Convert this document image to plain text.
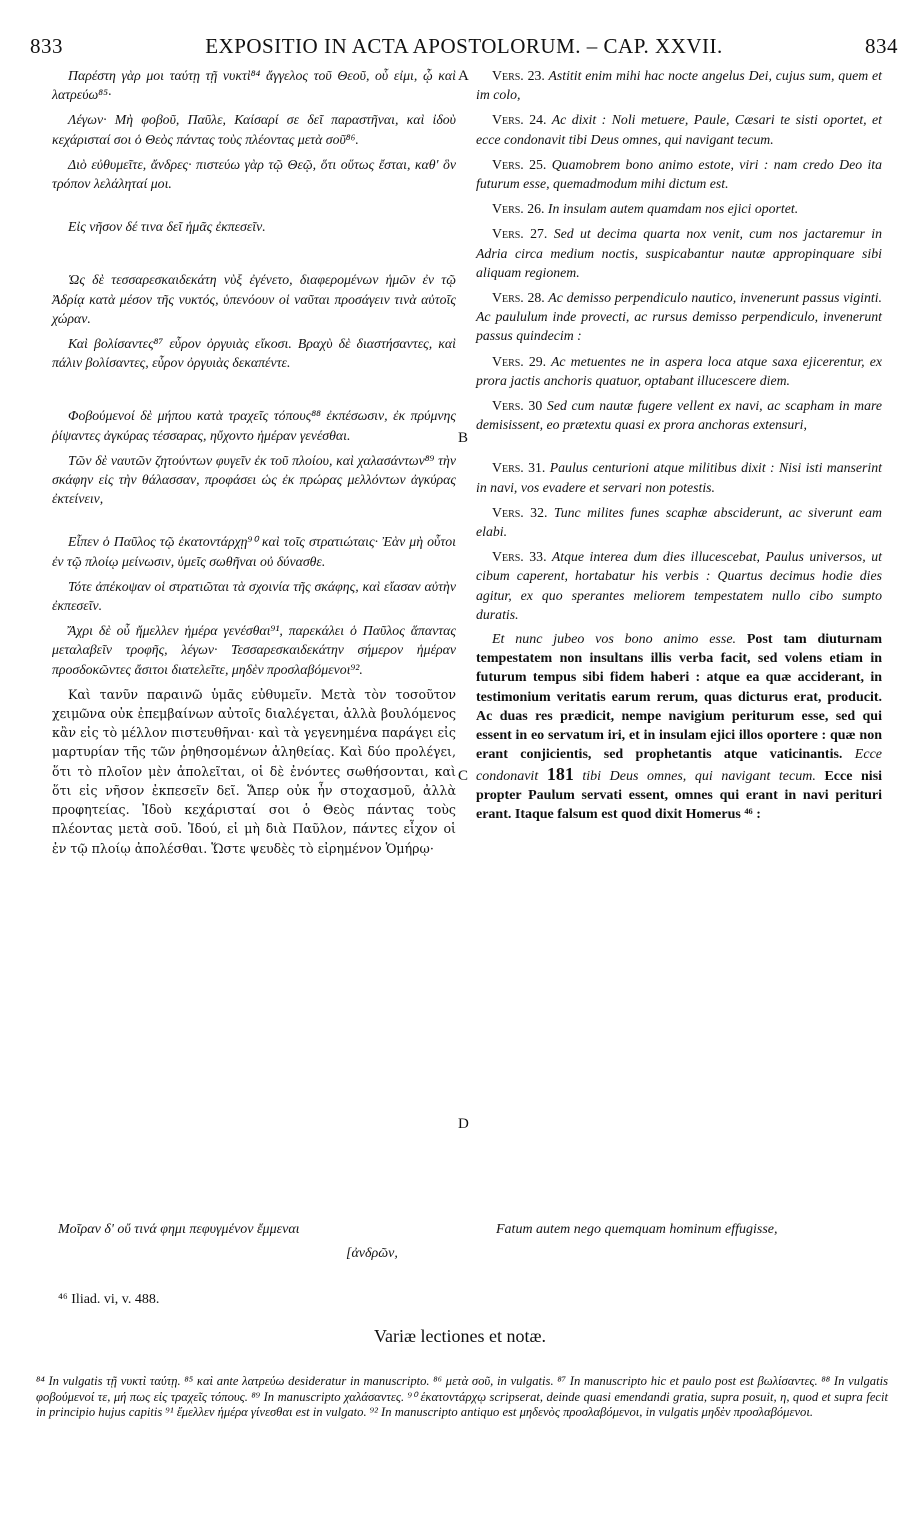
833	EXPOSITIO IN ACTA APOSTOLORUM. – CAP. XXVII.	834

Παρέστη γὰρ μοι ταύτῃ τῇ νυκτὶ⁸⁴ ἄγγελος τοῦ Θεοῦ, οὗ εἰμι, ᾧ καὶ λατρεύω⁸⁵·

Λέγων· Μὴ φοβοῦ, Παῦλε, Καίσαρί σε δεῖ παραστῆναι, καὶ ἰδοὺ κεχάρισταί σοι ὁ Θεὸς πάντας τοὺς πλέοντας μετὰ σοῦ⁸⁶.

Διὸ εὐθυμεῖτε, ἄνδρες· πιστεύω γὰρ τῷ Θεῷ, ὅτι οὕτως ἔσται, καθ' ὃν τρόπον λελάληταί μοι.

Εἰς νῆσον δέ τινα δεῖ ἡμᾶς ἐκπεσεῖν.

Ὡς δὲ τεσσαρεσκαιδεκάτη νὺξ ἐγένετο, διαφερομένων ἡμῶν ἐν τῷ Ἀδρίᾳ κατὰ μέσον τῆς νυκτός, ὑπενόουν οἱ ναῦται προσάγειν τινὰ αὐτοῖς χώραν.

Καὶ βολίσαντες⁸⁷ εὗρον ὀργυιὰς εἴκοσι. Βραχὺ δὲ διαστήσαντες, καὶ πάλιν βολίσαντες, εὗρον ὀργυιὰς δεκαπέντε.

Φοβούμενοί δὲ μήπου κατὰ τραχεῖς τόπους⁸⁸ ἐκπέσωσιν, ἐκ πρύμνης ῥίψαντες ἀγκύρας τέσσαρας, ηὔχοντο ἡμέραν γενέσθαι.

Τῶν δὲ ναυτῶν ζητούντων φυγεῖν ἐκ τοῦ πλοίου, καὶ χαλασάντων⁸⁹ τὴν σκάφην εἰς τὴν θάλασσαν, προφάσει ὡς ἐκ πρώρας μελλόντων ἀγκύρας ἐκτείνειν,

Εἶπεν ὁ Παῦλος τῷ ἑκατοντάρχῃ⁹⁰ καὶ τοῖς στρατιώταις· Ἐὰν μὴ οὗτοι ἐν τῷ πλοίῳ μείνωσιν, ὑμεῖς σωθῆναι οὐ δύνασθε.

Τότε ἀπέκοψαν οἱ στρατιῶται τὰ σχοινία τῆς σκάφης, καὶ εἴασαν αὐτὴν ἐκπεσεῖν.

Ἄχρι δὲ οὗ ἤμελλεν ἡμέρα γενέσθαι⁹¹, παρεκάλει ὁ Παῦλος ἅπαντας μεταλαβεῖν τροφῆς, λέγων· Τεσσαρεσκαιδεκάτην σήμερον ἡμέραν προσδοκῶντες ἄσιτοι διατελεῖτε, μηδὲν προσλαβόμενοι⁹².

Καὶ τανῦν παραινῶ ὑμᾶς εὐθυμεῖν. Μετὰ τὸν τοσοῦτον χειμῶνα οὐκ ἐπεμβαίνων αὐτοῖς διαλέγεται, ἀλλὰ βουλόμενος κἂν εἰς τὸ μέλλον πιστευθῆναι· καὶ τὰ γεγενημένα παράγει εἰς μαρτυρίαν τῆς τῶν ῥηθησομένων ἀληθείας. Καὶ δύο προλέγει, ὅτι τὸ πλοῖον μὲν ἀπολεῖται, οἱ δὲ ἐνόντες σωθήσονται, καὶ ὅτι εἰς νῆσον ἐκπεσεῖν δεῖ. Ἅπερ οὐκ ἦν στοχασμοῦ, ἀλλὰ προφητείας. Ἰδοὺ κεχάρισταί σοι ὁ Θεὸς πάντας τοὺς πλέοντας μετὰ σοῦ. Ἰδού, εἰ μὴ διὰ Παῦλον, πάντες εἶχον οἱ ἐν τῷ πλοίῳ ἀπολέσθαι. Ὥστε ψευδὲς τὸ εἰρημένον Ὁμήρῳ·

Vers. 23. Astitit enim mihi hac nocte angelus Dei, cujus sum, quem et im colo,

Vers. 24. Ac dixit : Noli metuere, Paule, Cæsari te sisti oportet, et ecce condonavit tibi Deus omnes, qui navigant tecum.

Vers. 25. Quamobrem bono animo estote, viri : nam credo Deo ita futurum esse, quemadmodum mihi dictum est.

Vers. 26. In insulam autem quamdam nos ejici oportet.

Vers. 27. Sed ut decima quarta nox venit, cum nos jactaremur in Adria circa medium noctis, suspicabantur nautæ appropinquare sibi aliquam regionem.

Vers. 28. Ac demisso perpendiculo nautico, invenerunt passus viginti. Ac paululum inde provecti, ac rursus demisso perpendiculo, invenerunt passus quindecim :

Vers. 29. Ac metuentes ne in aspera loca atque saxa ejicerentur, ex prora jactis anchoris quatuor, optabant illucescere diem.

Vers. 30 Sed cum nautæ fugere vellent ex navi, ac scapham in mare demisissent, eo prætextu quasi ex prora anchoras extensuri,

Vers. 31. Paulus centurioni atque militibus dixit : Nisi isti manserint in navi, vos evadere et servari non potestis.

Vers. 32. Tunc milites funes scaphæ absciderunt, ac siverunt eam elabi.

Vers. 33. Atque interea dum dies illucescebat, Paulus universos, ut cibum caperent, hortabatur his verbis : Quartus decimus hodie dies agitur, ex quo sperantes meliorem tempestatem nullo cibo sumpto duratis.

Et nunc jubeo vos bono animo esse. Post tam diuturnam tempestatem non insultans illis verba facit, sed volens etiam in futurum tempus sibi fidem haberi : atque ea quæ acciderant, in testimonium veritatis earum rerum, quas dicturus erat, producit. Ac duas res prædicit, nempe navigium periturum esse, sed qui essent in eo servatum iri, et in insulam ejici illos oportere : quæ non erant conjicientis, sed prophetantis atque vaticinantis. Ecce condonavit 181 tibi Deus omnes, qui navigant tecum. Ecce nisi propter Paulum servati essent, omnes qui erant in navi perituri erant. Itaque falsum est quod dixit Homerus ⁴⁶ :

A
B
C
D
Μοῖραν δ' οὔ τινά φημι πεφυγμένον ἔμμεναι
[ἀνδρῶν,
Fatum autem nego quemquam hominum effugisse,
⁴⁶ Iliad. vi, v. 488.
Variæ lectiones et notæ.
⁸⁴ In vulgatis τῇ νυκτὶ ταύτῃ. ⁸⁵ καὶ ante λατρεύω desideratur in manuscripto. ⁸⁶ μετὰ σοῦ, in vulgatis. ⁸⁷ In manuscripto hic et paulo post est βωλίσαντες. ⁸⁸ In vulgatis φοβούμενοί τε, μή πως εἰς τραχεῖς τόπους. ⁸⁹ In manuscripto χαλάσαντες. ⁹⁰ ἑκατοντάρχῳ scripserat, deinde quasi emendandi gratia, supra posuit, η, quod et supra fecit in principio hujus capitis ⁹¹ ἔμελλεν ἡμέρα γίνεσθαι est in vulgato. ⁹² In manuscripto antiquo est μηδενὸς προσλαβόμενοι, in vulgatis μηδὲν προσλαβόμενοι.
